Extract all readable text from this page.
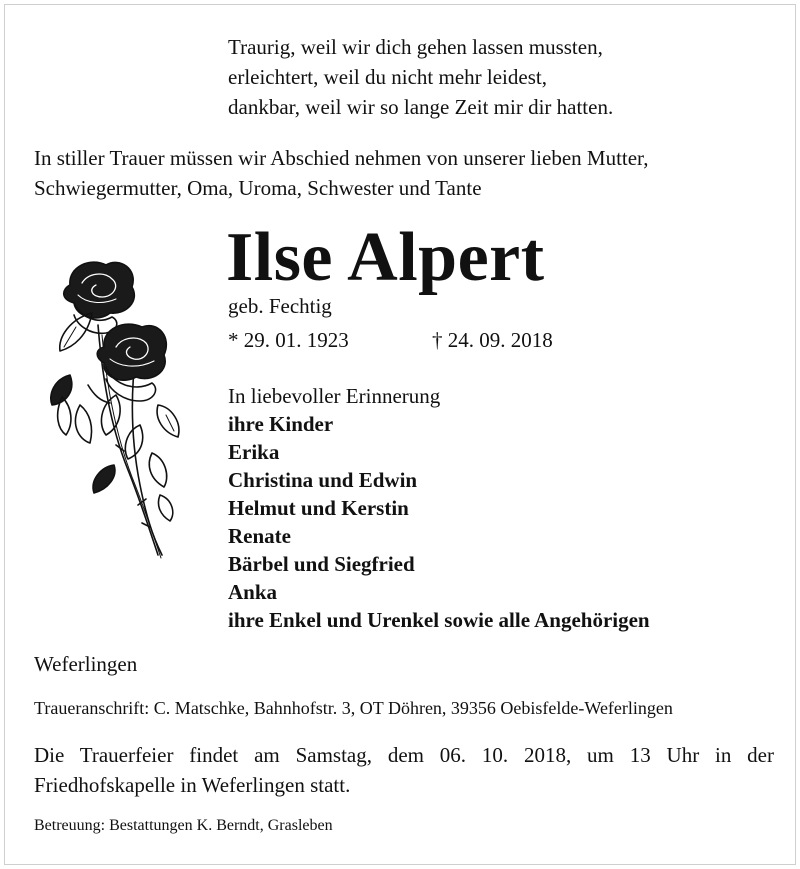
Traurig, weil wir dich gehen lassen mussten,
erleichtert, weil du nicht mehr leidest,
dankbar, weil wir so lange Zeit mir dir hatten.
In stiller Trauer müssen wir Abschied nehmen von unserer lieben Mutter,
Schwiegermutter, Oma, Uroma, Schwester und Tante
Ilse Alpert
geb. Fechtig
* 29. 01. 1923	† 24. 09. 2018
In liebevoller Erinnerung
ihre Kinder
Erika
Christina und Edwin
Helmut und Kerstin
Renate
Bärbel und Siegfried
Anka
ihre Enkel und Urenkel sowie alle Angehörigen
Weferlingen
Traueranschrift: C. Matschke, Bahnhofstr. 3, OT Döhren, 39356 Oebisfelde-Weferlingen
Die Trauerfeier findet am Samstag, dem 06. 10. 2018, um 13 Uhr in der
Friedhofskapelle in Weferlingen statt.
Betreuung: Bestattungen K. Berndt, Grasleben
